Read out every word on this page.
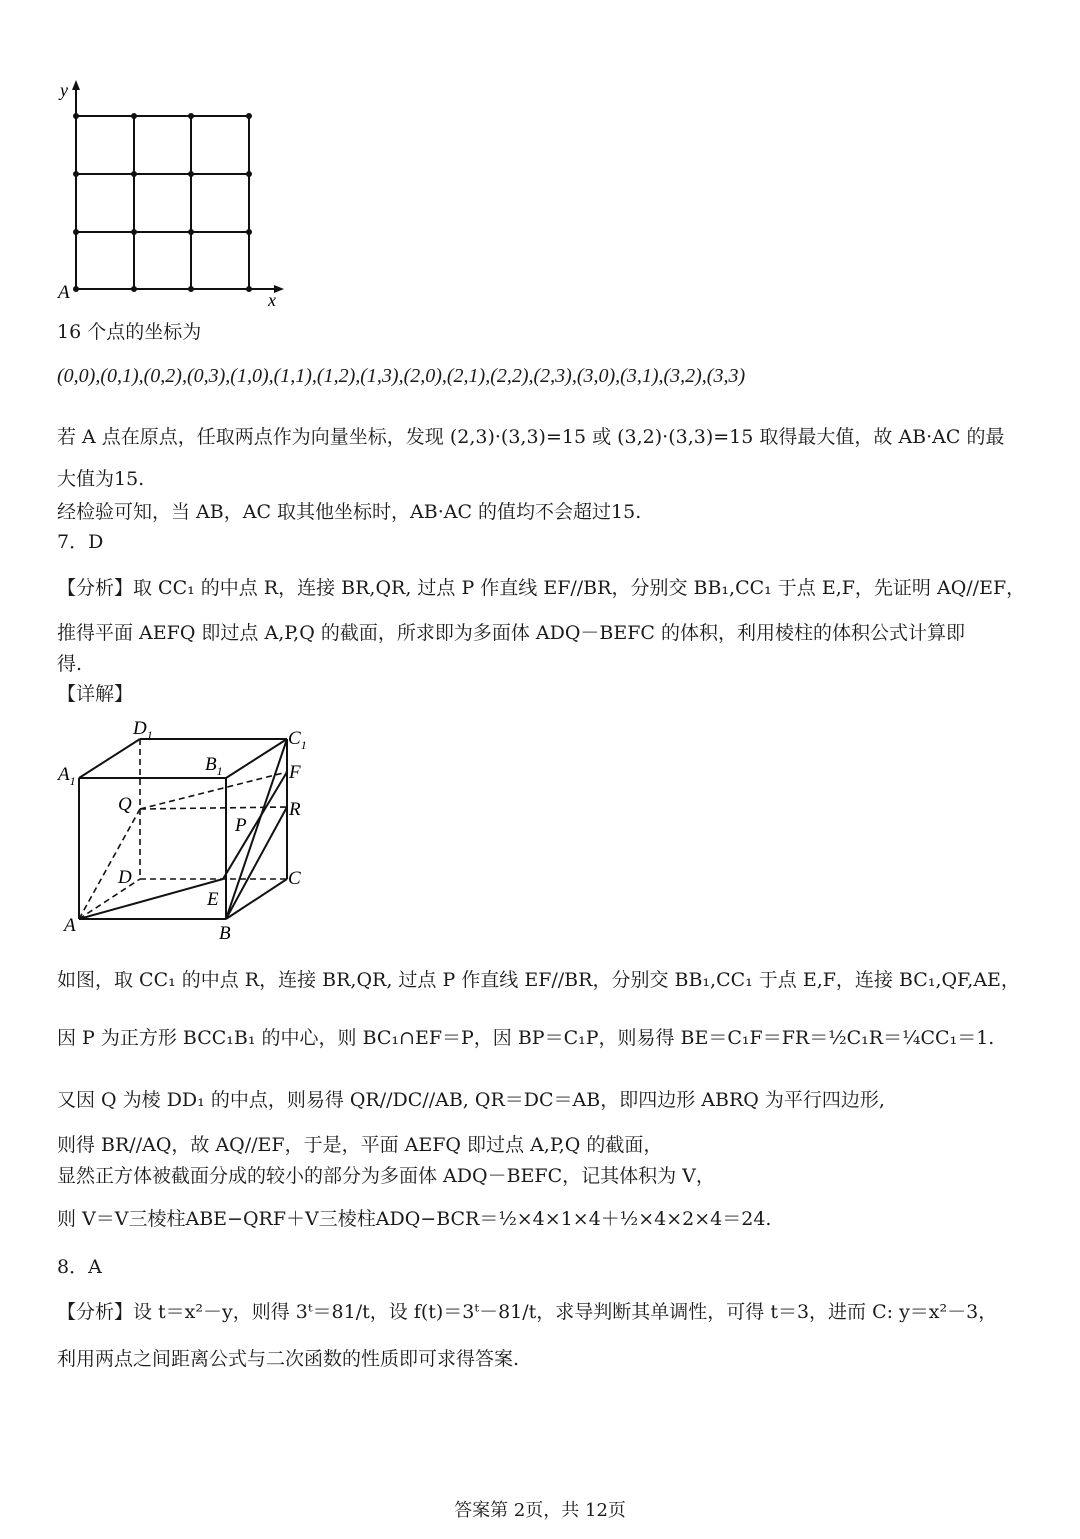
y
A	x
16 个点的坐标为
(0,0),(0,1),(0,2),(0,3),(1,0),(1,1),(1,2),(1,3),(2,0),(2,1),(2,2),(2,3),(3,0),(3,1),(3,2),(3,3)
若 A 点在原点，任取两点作为向量坐标，发现 (2,3)·(3,3)=15 或 (3,2)·(3,3)=15 取得最大值，故 AB·AC 的最
大值为15.
经检验可知，当 AB，AC 取其他坐标时，AB·AC 的值均不会超过15.
7．D
【分析】取 CC₁ 的中点 R，连接 BR,QR, 过点 P 作直线 EF//BR，分别交 BB₁,CC₁ 于点 E,F，先证明 AQ//EF，
推得平面 AEFQ 即过点 A,P,Q 的截面，所求即为多面体 ADQ－BEFC 的体积，利用棱柱的体积公式计算即
得.
【详解】
$D_1$	$C_1$
$A_1$
$B_1$	F
Q	R
P
D	C
E
A	B
如图，取 CC₁ 的中点 R，连接 BR,QR, 过点 P 作直线 EF//BR，分别交 BB₁,CC₁ 于点 E,F，连接 BC₁,QF,AE，
因 P 为正方形 BCC₁B₁ 的中心，则 BC₁∩EF＝P，因 BP＝C₁P，则易得 BE＝C₁F＝FR＝½C₁R＝¼CC₁＝1.
又因 Q 为棱 DD₁ 的中点，则易得 QR//DC//AB, QR＝DC＝AB，即四边形 ABRQ 为平行四边形,
则得 BR//AQ，故 AQ//EF，于是，平面 AEFQ 即过点 A,P,Q 的截面，
显然正方体被截面分成的较小的部分为多面体 ADQ－BEFC，记其体积为 V，
则 V＝V三棱柱ABE−QRF＋V三棱柱ADQ−BCR＝½×4×1×4＋½×4×2×4＝24.
8．A
【分析】设 t＝x²－y，则得 3ᵗ＝81/t，设 f(t)＝3ᵗ－81/t，求导判断其单调性，可得 t＝3，进而 C: y＝x²－3，
利用两点之间距离公式与二次函数的性质即可求得答案.
答案第 2页，共 12页
